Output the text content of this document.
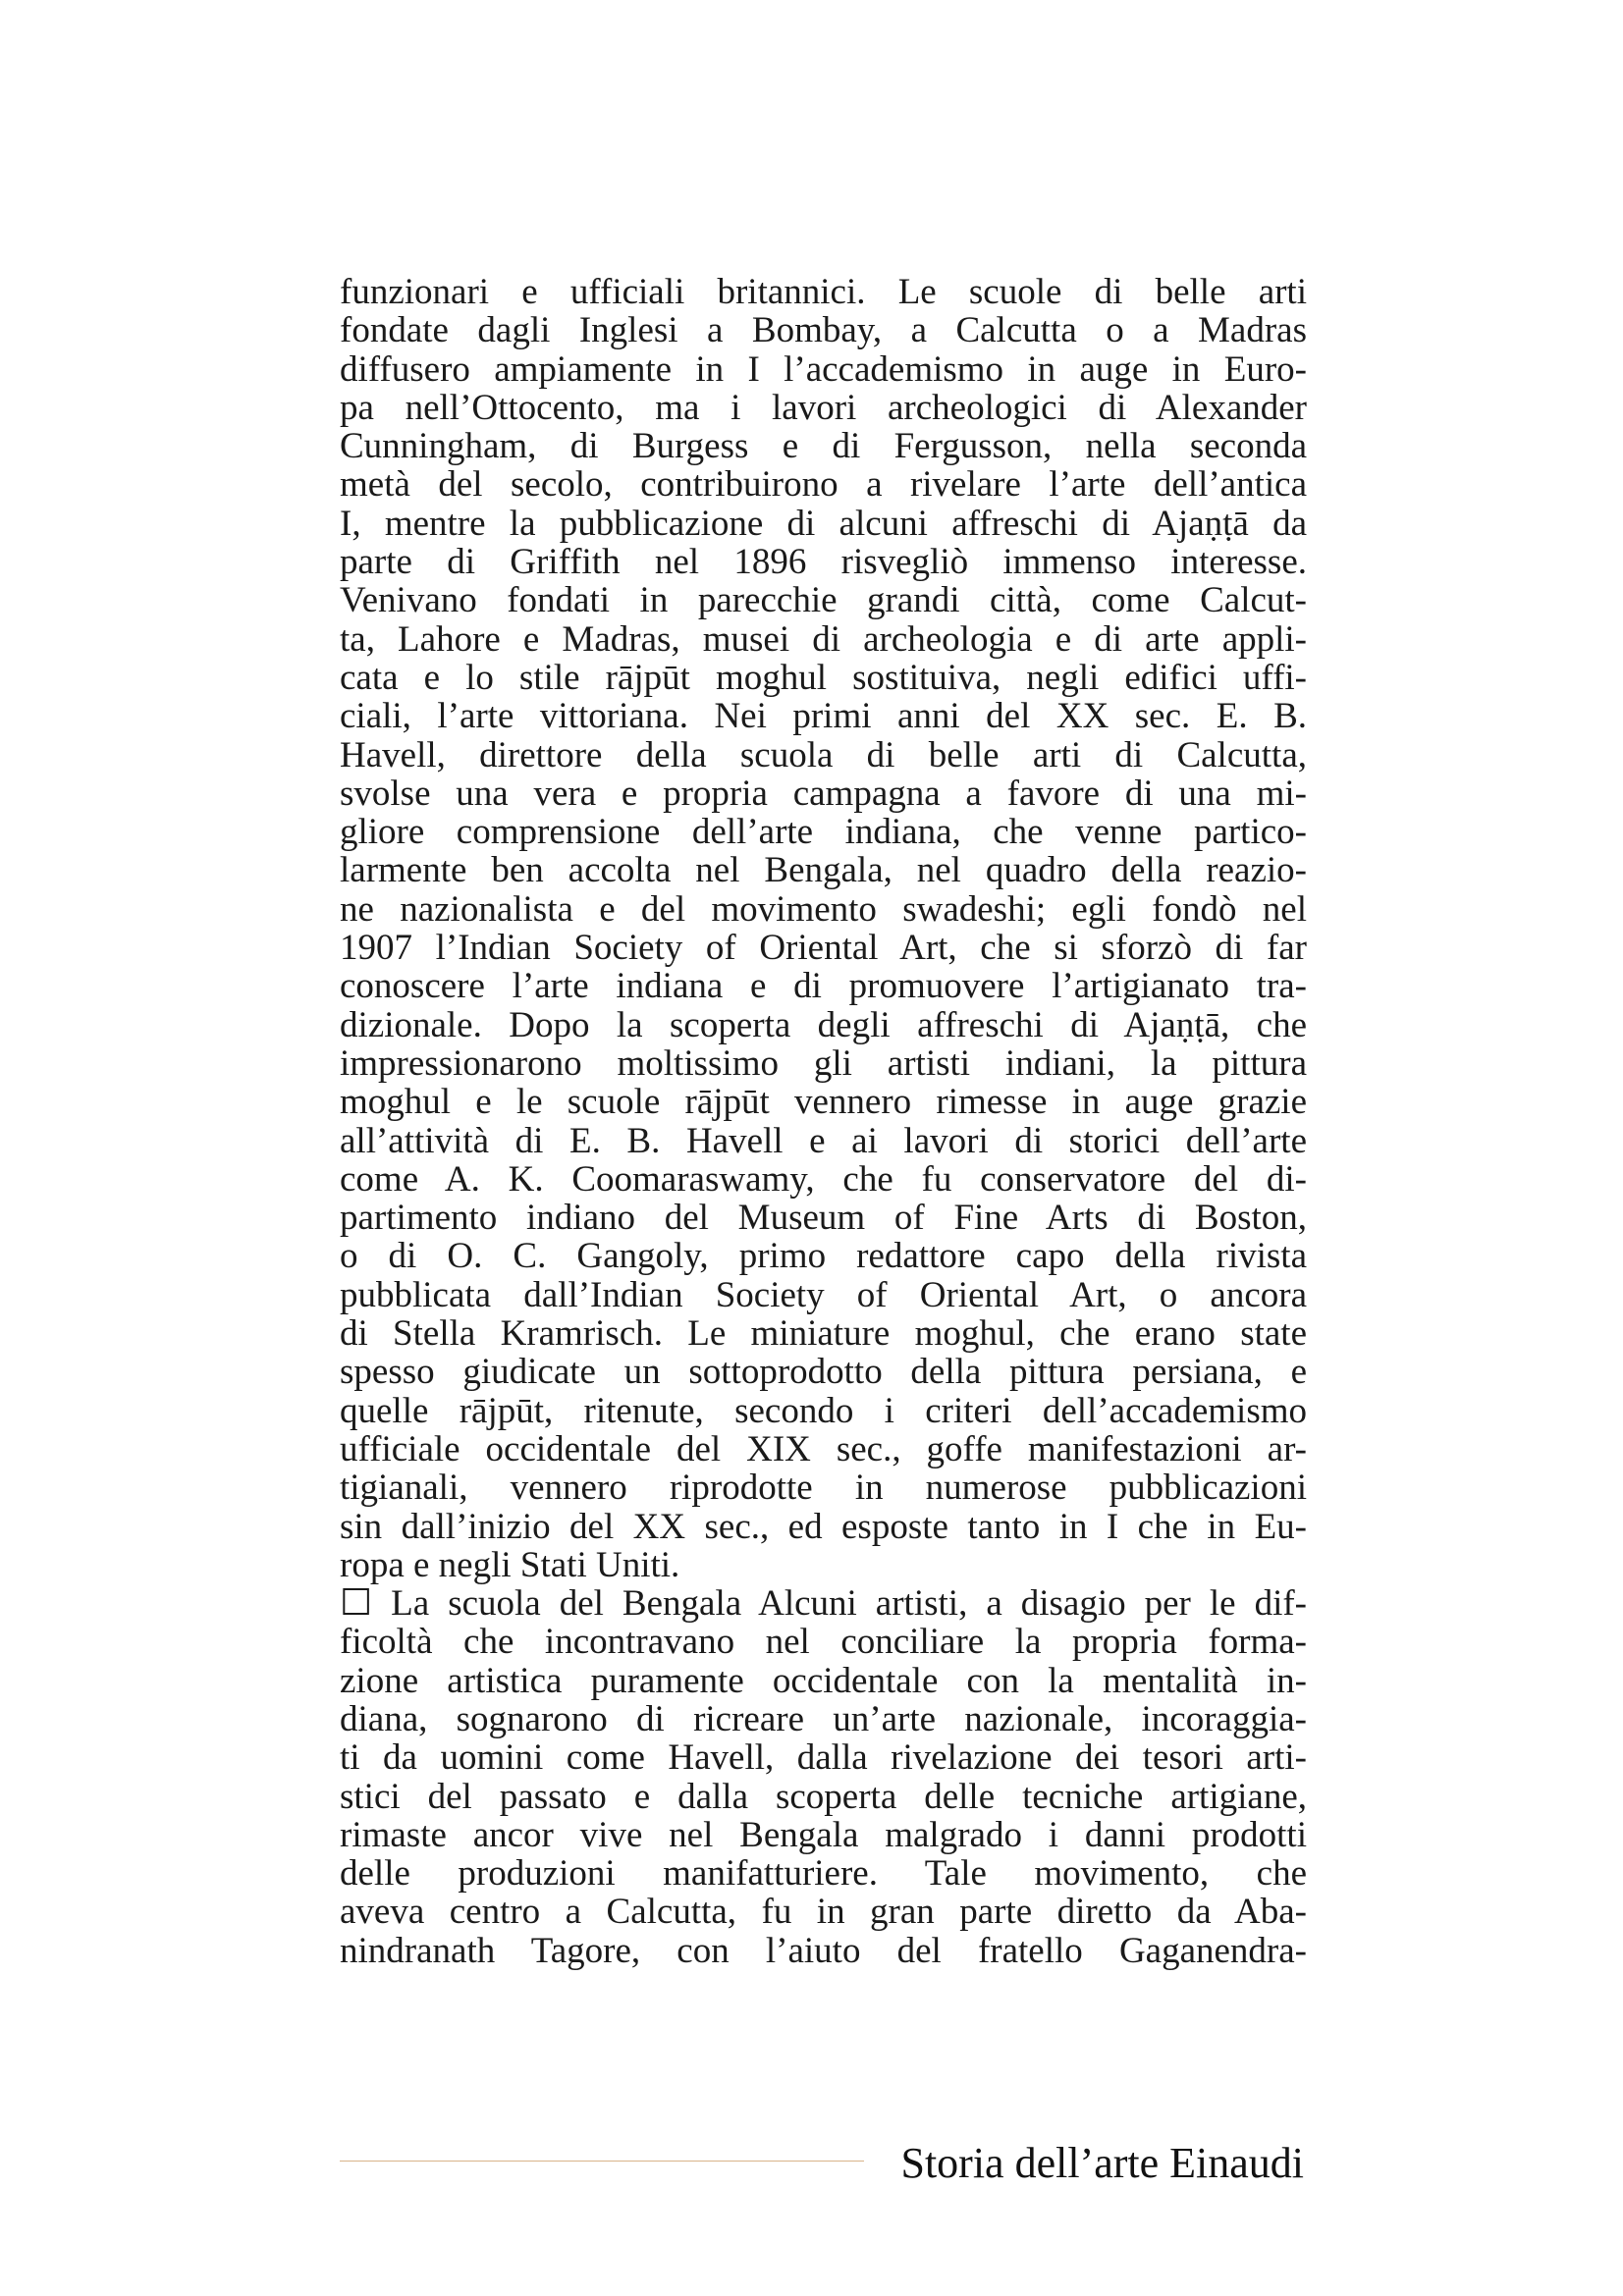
funzionari e ufficiali britannici. Le scuole di belle arti
fondate dagli Inglesi a Bombay, a Calcutta o a Madras
diffusero ampiamente in I l’accademismo in auge in Euro-
pa nell’Ottocento, ma i lavori archeologici di Alexander
Cunningham, di Burgess e di Fergusson, nella seconda
metà del secolo, contribuirono a rivelare l’arte dell’antica
I, mentre la pubblicazione di alcuni affreschi di Ajaṇṭā da
parte di Griffith nel 1896 risvegliò immenso interesse.
Venivano fondati in parecchie grandi città, come Calcut-
ta, Lahore e Madras, musei di archeologia e di arte appli-
cata e lo stile rājpūt moghul sostituiva, negli edifici uffi-
ciali, l’arte vittoriana. Nei primi anni del XX sec. E. B.
Havell, direttore della scuola di belle arti di Calcutta,
svolse una vera e propria campagna a favore di una mi-
gliore comprensione dell’arte indiana, che venne partico-
larmente ben accolta nel Bengala, nel quadro della reazio-
ne nazionalista e del movimento swadeshi; egli fondò nel
1907 l’Indian Society of Oriental Art, che si sforzò di far
conoscere l’arte indiana e di promuovere l’artigianato tra-
dizionale. Dopo la scoperta degli affreschi di Ajaṇṭā, che
impressionarono moltissimo gli artisti indiani, la pittura
moghul e le scuole rājpūt vennero rimesse in auge grazie
all’attività di E. B. Havell e ai lavori di storici dell’arte
come A. K. Coomaraswamy, che fu conservatore del di-
partimento indiano del Museum of Fine Arts di Boston,
o di O. C. Gangoly, primo redattore capo della rivista
pubblicata dall’Indian Society of Oriental Art, o ancora
di Stella Kramrisch. Le miniature moghul, che erano state
spesso giudicate un sottoprodotto della pittura persiana, e
quelle rājpūt, ritenute, secondo i criteri dell’accademismo
ufficiale occidentale del XIX sec., goffe manifestazioni ar-
tigianali, vennero riprodotte in numerose pubblicazioni
sin dall’inizio del XX sec., ed esposte tanto in I che in Eu-
ropa e negli Stati Uniti.
☐ La scuola del Bengala Alcuni artisti, a disagio per le dif-
ficoltà che incontravano nel conciliare la propria forma-
zione artistica puramente occidentale con la mentalità in-
diana, sognarono di ricreare un’arte nazionale, incoraggia-
ti da uomini come Havell, dalla rivelazione dei tesori arti-
stici del passato e dalla scoperta delle tecniche artigiane,
rimaste ancor vive nel Bengala malgrado i danni prodotti
delle produzioni manifatturiere. Tale movimento, che
aveva centro a Calcutta, fu in gran parte diretto da Aba-
nindranath Tagore, con l’aiuto del fratello Gaganendra-
Storia dell’arte Einaudi
